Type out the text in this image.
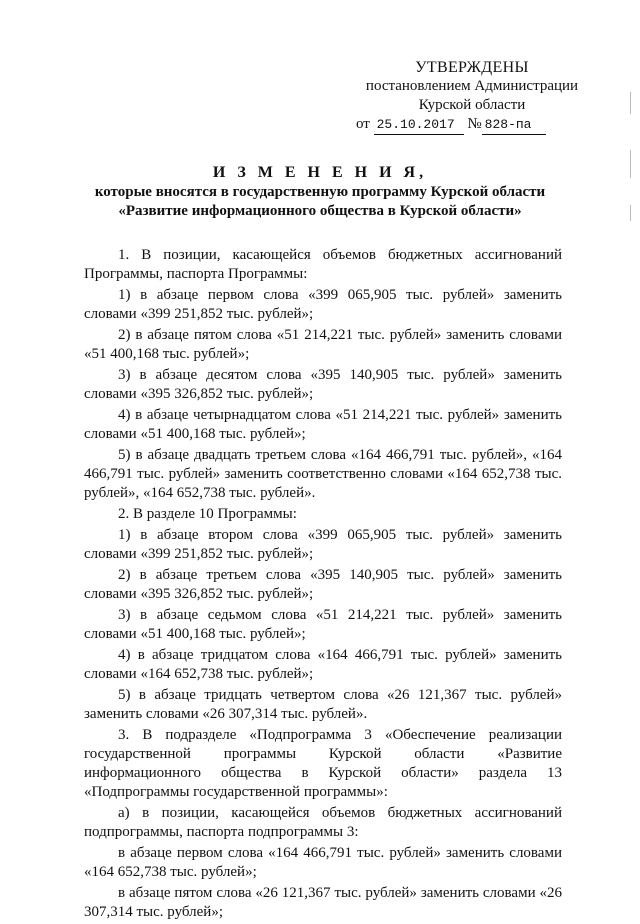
УТВЕРЖДЕНЫ
постановлением Администрации
Курской области
от 25.10.2017 № 828-па
И З М Е Н Е Н И Я,
которые вносятся в государственную программу Курской области «Развитие информационного общества в Курской области»

1. В позиции, касающейся объемов бюджетных ассигнований Программы, паспорта Программы:

1) в абзаце первом слова «399 065,905 тыс. рублей» заменить словами «399 251,852 тыс. рублей»;

2) в абзаце пятом слова «51 214,221 тыс. рублей» заменить словами «51 400,168 тыс. рублей»;

3) в абзаце десятом слова «395 140,905 тыс. рублей» заменить словами «395 326,852 тыс. рублей»;

4) в абзаце четырнадцатом слова «51 214,221 тыс. рублей» заменить словами «51 400,168 тыс. рублей»;

5) в абзаце двадцать третьем слова «164 466,791 тыс. рублей», «164 466,791 тыс. рублей» заменить соответственно словами «164 652,738 тыс. рублей», «164 652,738 тыс. рублей».

2. В разделе 10 Программы:

1) в абзаце втором слова «399 065,905 тыс. рублей» заменить словами «399 251,852 тыс. рублей»;

2) в абзаце третьем слова «395 140,905 тыс. рублей» заменить словами «395 326,852 тыс. рублей»;

3) в абзаце седьмом слова «51 214,221 тыс. рублей» заменить словами «51 400,168 тыс. рублей»;

4) в абзаце тридцатом слова «164 466,791 тыс. рублей» заменить словами «164 652,738 тыс. рублей»;

5) в абзаце тридцать четвертом слова «26 121,367 тыс. рублей» заменить словами «26 307,314 тыс. рублей».

3. В подразделе «Подпрограмма 3 «Обеспечение реализации государственной программы Курской области «Развитие информационного общества в Курской области» раздела 13 «Подпрограммы государственной программы»:

а) в позиции, касающейся объемов бюджетных ассигнований подпрограммы, паспорта подпрограммы 3:

в абзаце первом слова «164 466,791 тыс. рублей» заменить словами «164 652,738 тыс. рублей»;

в абзаце пятом слова «26 121,367 тыс. рублей» заменить словами «26 307,314 тыс. рублей»;
